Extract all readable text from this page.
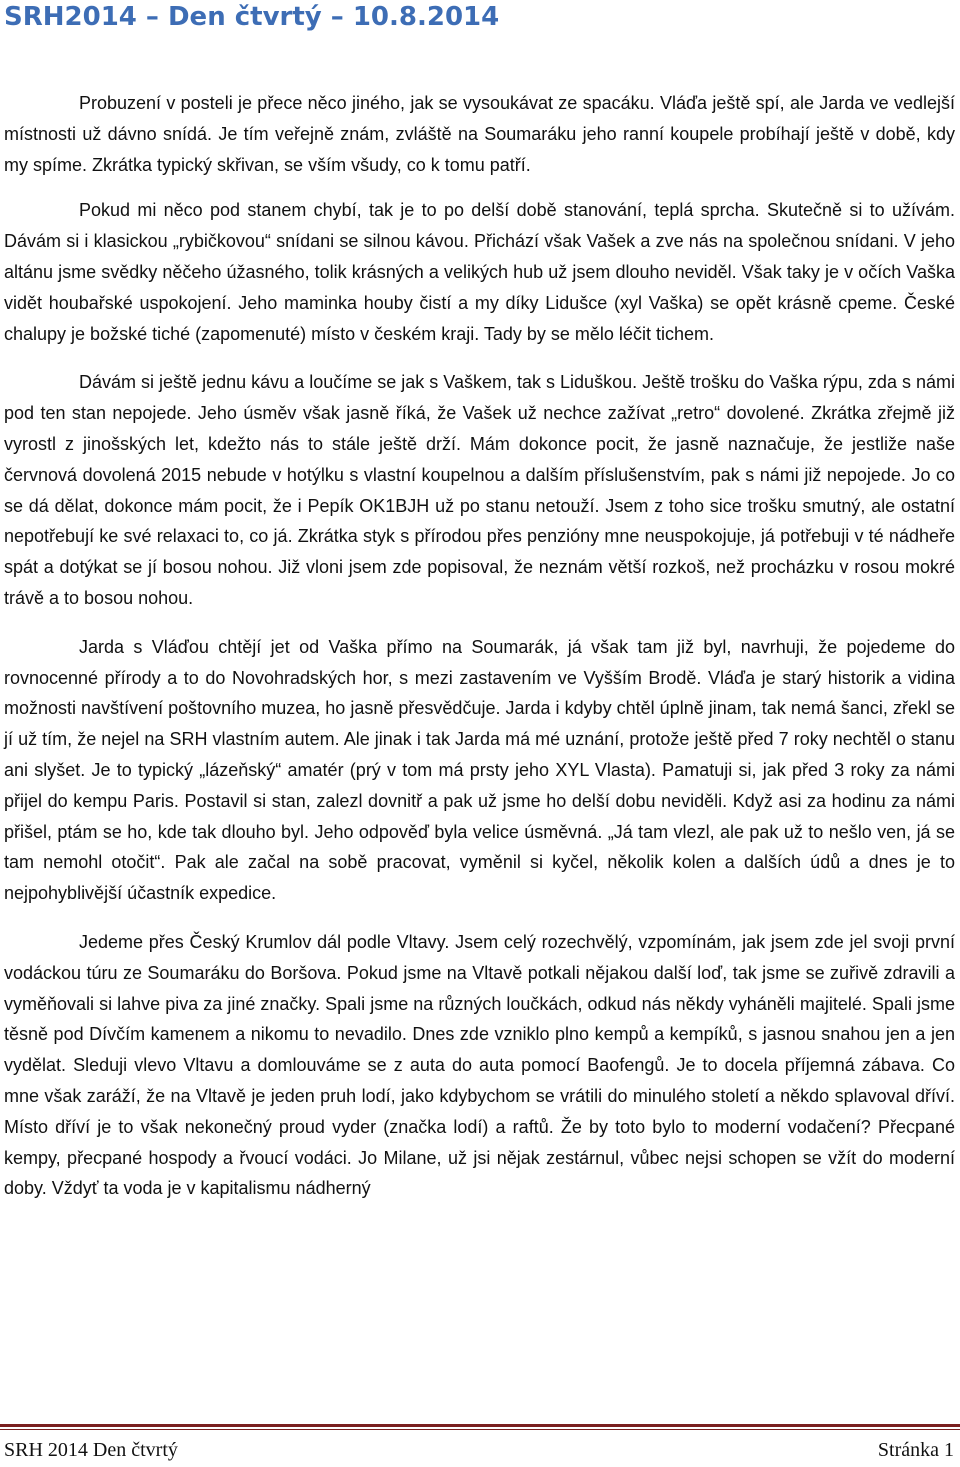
SRH2014 – Den čtvrtý – 10.8.2014

Probuzení v posteli je přece něco jiného, jak se vysoukávat ze spacáku. Vláďa ještě spí, ale Jarda ve vedlejší místnosti už dávno snídá. Je tím veřejně znám, zvláště na Soumaráku jeho ranní koupele probíhají ještě v době, kdy my spíme. Zkrátka typický skřivan, se vším všudy, co k tomu patří.

Pokud mi něco pod stanem chybí, tak je to po delší době stanování, teplá sprcha. Skutečně si to užívám. Dávám si i klasickou „rybičkovou“ snídani se silnou kávou. Přichází však Vašek a zve nás na společnou snídani. V jeho altánu jsme svědky něčeho úžasného, tolik krásných a velikých hub už jsem dlouho neviděl. Však taky je v očích Vaška vidět houbařské uspokojení. Jeho maminka houby čistí a my díky Lidušce (xyl Vaška) se opět krásně cpeme. České chalupy je božské tiché (zapomenuté) místo v českém kraji. Tady by se mělo léčit tichem.

Dávám si ještě jednu kávu a loučíme se jak s Vaškem, tak s Liduškou. Ještě trošku do Vaška rýpu, zda s námi pod ten stan nepojede. Jeho úsměv však jasně říká, že Vašek už nechce zažívat „retro“ dovolené. Zkrátka zřejmě již vyrostl z jinošských let, kdežto nás to stále ještě drží. Mám dokonce pocit, že jasně naznačuje, že jestliže naše červnová dovolená 2015 nebude v hotýlku s vlastní koupelnou a dalším příslušenstvím, pak s námi již nepojede. Jo co se dá dělat, dokonce mám pocit, že i Pepík OK1BJH už po stanu netouží. Jsem z toho sice trošku smutný, ale ostatní nepotřebují ke své relaxaci to, co já. Zkrátka styk s přírodou přes penzióny mne neuspokojuje, já potřebuji v té nádheře spát a dotýkat se jí bosou nohou. Již vloni jsem zde popisoval, že neznám větší rozkoš, než procházku v rosou mokré trávě a to bosou nohou.

Jarda s Vláďou chtějí jet od Vaška přímo na Soumarák, já však tam již byl, navrhuji, že pojedeme do rovnocenné přírody a to do Novohradských hor, s mezi zastavením ve Vyšším Brodě. Vláďa je starý historik a vidina možnosti navštívení poštovního muzea, ho jasně přesvědčuje. Jarda i kdyby chtěl úplně jinam, tak nemá šanci, zřekl se jí už tím, že nejel na SRH vlastním autem. Ale jinak i tak Jarda má mé uznání, protože ještě před 7 roky nechtěl o stanu ani slyšet. Je to typický „lázeňský“ amatér (prý v tom má prsty jeho XYL Vlasta). Pamatuji si, jak před 3 roky za námi přijel do kempu Paris. Postavil si stan, zalezl dovnitř a pak už jsme ho delší dobu neviděli. Když asi za hodinu za námi přišel, ptám se ho, kde tak dlouho byl. Jeho odpověď byla velice úsměvná. „Já tam vlezl, ale pak už to nešlo ven, já se tam nemohl otočit“. Pak ale začal na sobě pracovat, vyměnil si kyčel, několik kolen a dalších údů a dnes je to nejpohyblivější účastník expedice.

Jedeme přes Český Krumlov dál podle Vltavy. Jsem celý rozechvělý, vzpomínám, jak jsem zde jel svoji první vodáckou túru ze Soumaráku do Boršova. Pokud jsme na Vltavě potkali nějakou další loď, tak jsme se zuřivě zdravili a vyměňovali si lahve piva za jiné značky. Spali jsme na různých loučkách, odkud nás někdy vyháněli majitelé. Spali jsme těsně pod Dívčím kamenem a nikomu to nevadilo. Dnes zde vzniklo plno kempů a kempíků, s jasnou snahou jen a jen vydělat. Sleduji vlevo Vltavu a domlouváme se z auta do auta pomocí Baofengů. Je to docela příjemná zábava. Co mne však zaráží, že na Vltavě je jeden pruh lodí, jako kdybychom se vrátili do minulého století a někdo splavoval dříví. Místo dříví je to však nekonečný proud vyder (značka lodí) a raftů. Že by toto bylo to moderní vodačení? Přecpané kempy, přecpané hospody a řvoucí vodáci. Jo Milane, už jsi nějak zestárnul, vůbec nejsi schopen se vžít do moderní doby. Vždyť ta voda je v kapitalismu nádherný

SRH 2014 Den čtvrtý	Stránka 1
